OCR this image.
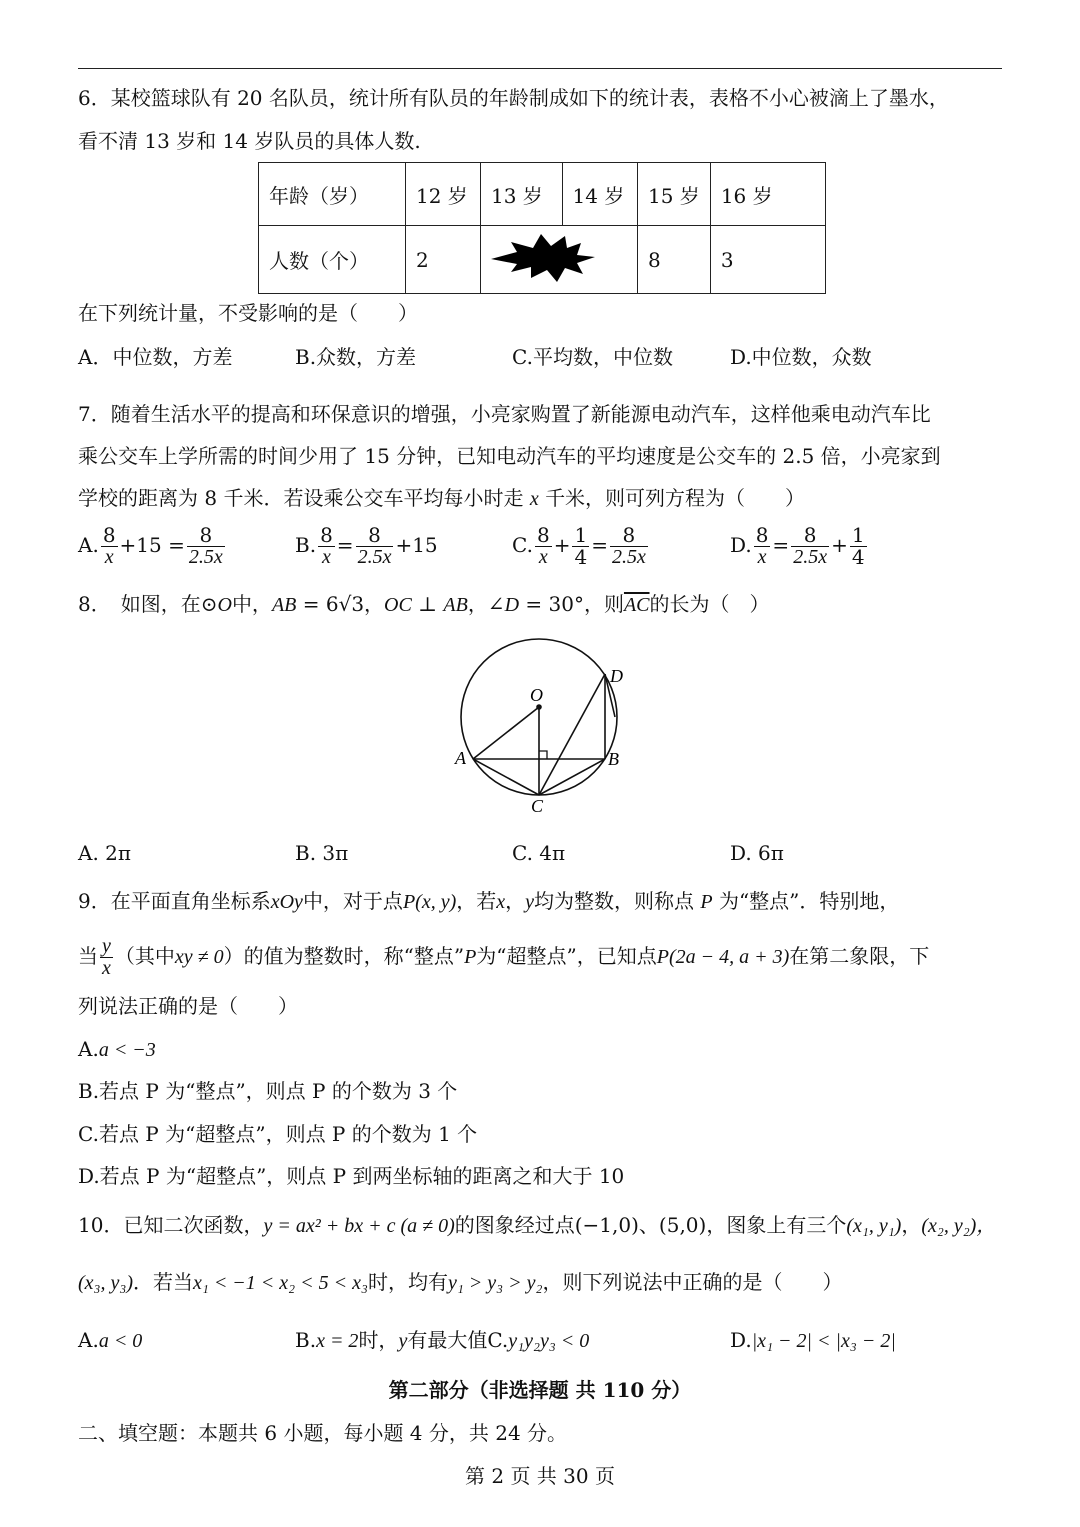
6．某校篮球队有 20 名队员，统计所有队员的年龄制成如下的统计表，表格不小心被滴上了墨水，
看不清 13 岁和 14 岁队员的具体人数.
年龄（岁）	12 岁	13 岁	14 岁	15 岁	16 岁
人数（个）	2			8	3
在下列统计量，不受影响的是（　　）
A．中位数，方差	B.众数，方差	C.平均数，中位数	D.中位数，众数
7．随着生活水平的提高和环保意识的增强，小亮家购置了新能源电动汽车，这样他乘电动汽车比
乘公交车上学所需的时间少用了 15 分钟，已知电动汽车的平均速度是公交车的 2.5 倍，小亮家到
学校的距离为 8 千米．若设乘公交车平均每小时走 x 千米，则可列方程为（　　）
A. $\frac{8}{x} +15 = \frac{8}{2.5x}$	B. $\frac{8}{x} = \frac{8}{2.5x} +15$	C. $\frac{8}{x} + \frac{1}{4} = \frac{8}{2.5x}$	D. $\frac{8}{x} = \frac{8}{2.5x} + \frac{1}{4}$
8．　如图，在⊙O中，AB = 6√3，OC ⊥ AB，∠D = 30°，则$\overline{AC}$的长为（　）
O
A	B
C
D
A. 2π	B. 3π	C. 4π	D. 6π
9．在平面直角坐标系xOy中，对于点P(x, y)，若x，y均为整数，则称点 P 为“整点”．特别地，
当 $\frac{y}{x}$ （其中xy ≠ 0）的值为整数时，称“整点”P为“超整点”，已知点P(2a − 4, a + 3)在第二象限，下
列说法正确的是（　　）
A.a < −3
B.若点 P 为“整点”，则点 P 的个数为 3 个
C.若点 P 为“超整点”，则点 P 的个数为 1 个
D.若点 P 为“超整点”，则点 P 到两坐标轴的距离之和大于 10
10．已知二次函数，y = ax² + bx + c (a ≠ 0)的图象经过点(−1,0)、(5,0)，图象上有三个(x₁, y₁)，(x₂, y₂)，
(x₃, y₃)．若当x₁ < −1 < x₂ < 5 < x₃时，均有y₁ > y₃ > y₂，则下列说法中正确的是（　　）
A.a < 0	B.x = 2时，y有最大值C.y₁y₂y₃ < 0	D.|x₁ − 2| < |x₃ − 2|
第二部分（非选择题 共 110 分）
二、填空题：本题共 6 小题，每小题 4 分，共 24 分。
第 2 页 共 30 页
